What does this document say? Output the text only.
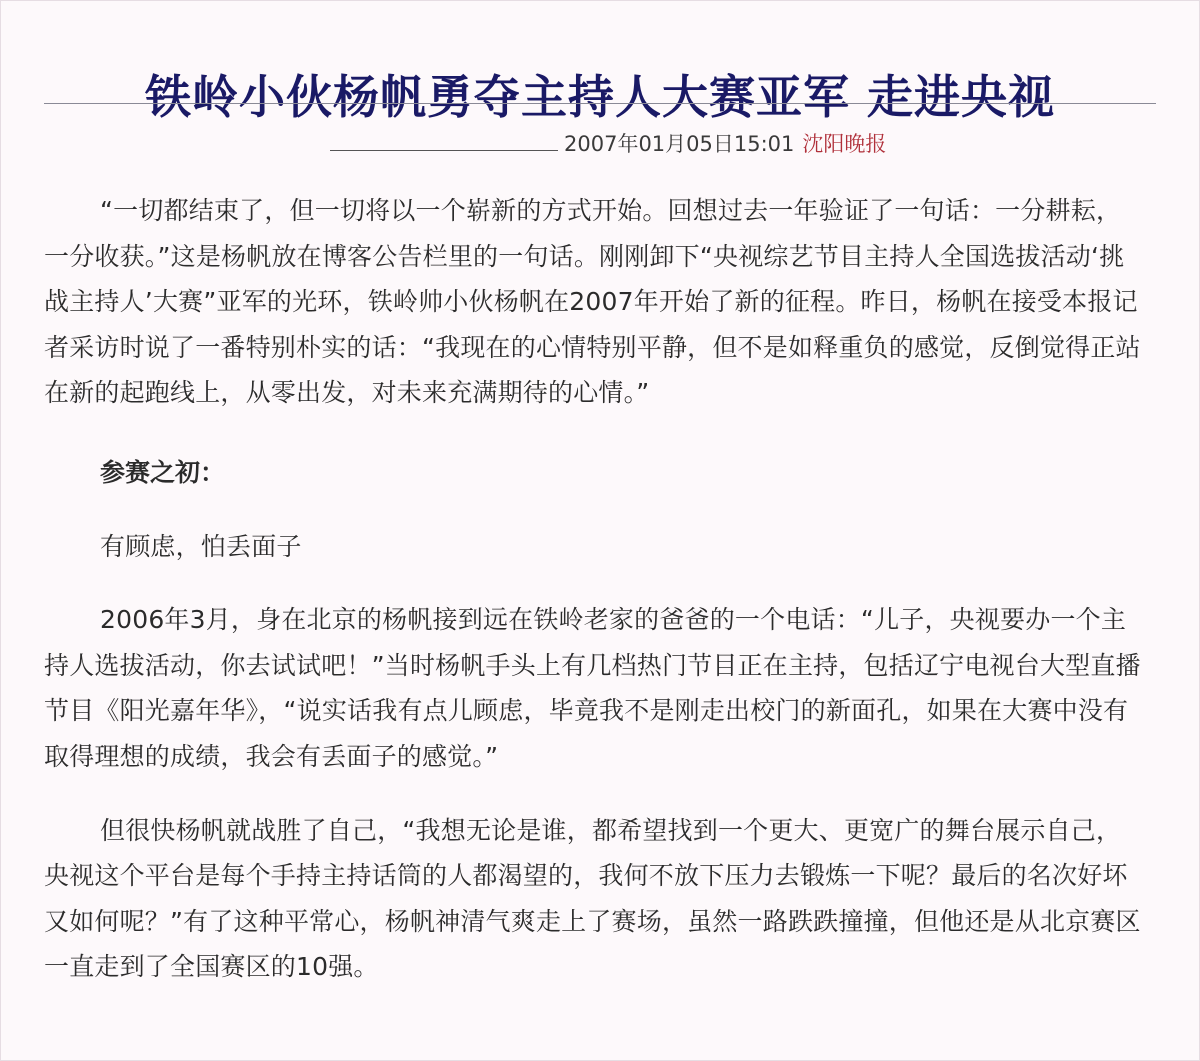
铁岭小伙杨帆勇夺主持人大赛亚军 走进央视
2007年01月05日15:01 沈阳晚报

“一切都结束了，但一切将以一个崭新的方式开始。回想过去一年验证了一句话：一分耕耘，一分收获。”这是杨帆放在博客公告栏里的一句话。刚刚卸下“央视综艺节目主持人全国选拔活动‘挑战主持人’大赛”亚军的光环，铁岭帅小伙杨帆在2007年开始了新的征程。昨日，杨帆在接受本报记者采访时说了一番特别朴实的话：“我现在的心情特别平静，但不是如释重负的感觉，反倒觉得正站在新的起跑线上，从零出发，对未来充满期待的心情。”

参赛之初：

有顾虑，怕丢面子

2006年3月，身在北京的杨帆接到远在铁岭老家的爸爸的一个电话：“儿子，央视要办一个主持人选拔活动，你去试试吧！”当时杨帆手头上有几档热门节目正在主持，包括辽宁电视台大型直播节目《阳光嘉年华》，“说实话我有点儿顾虑，毕竟我不是刚走出校门的新面孔，如果在大赛中没有取得理想的成绩，我会有丢面子的感觉。”

但很快杨帆就战胜了自己，“我想无论是谁，都希望找到一个更大、更宽广的舞台展示自己，央视这个平台是每个手持主持话筒的人都渴望的，我何不放下压力去锻炼一下呢？最后的名次好坏又如何呢？”有了这种平常心，杨帆神清气爽走上了赛场，虽然一路跌跌撞撞，但他还是从北京赛区一直走到了全国赛区的10强。
